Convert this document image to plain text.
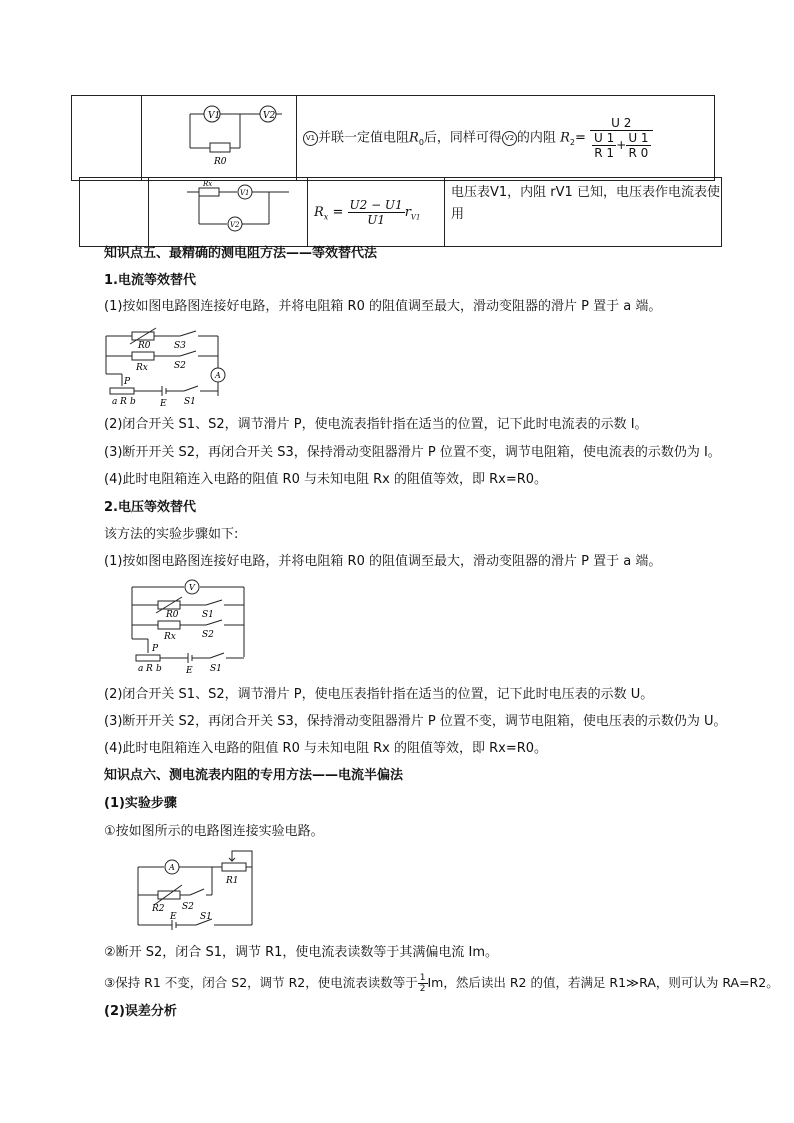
V1	V2
R0
	V1 并联一定值电阻$R_0$后，同样可得 V2 的内阻 $R_2= \frac{U 2}{\frac{U 1}{R 1} + \frac{U 1}{R 0}}$

Rx
V1
V2
	$R_x = \frac{U2 - U1}{U1} r_{V1}$	
电压表V1，内阻 rV1 已知，电压表作电流表使
用
知识点五、最精确的测电阻方法——等效替代法
1.电流等效替代
(1)按如图电路图连接好电路，并将电阻箱 R0 的阻值调至最大，滑动变阻器的滑片 P 置于 a 端。
R0	S3
Rx	S2
A
P
a R b	E S1
(2)闭合开关 S1、S2，调节滑片 P，使电流表指针指在适当的位置，记下此时电流表的示数 I。
(3)断开开关 S2，再闭合开关 S3，保持滑动变阻器滑片 P 位置不变，调节电阻箱，使电流表的示数仍为 I。
(4)此时电阻箱连入电路的阻值 R0 与未知电阻 Rx 的阻值等效，即 Rx=R0。
2.电压等效替代
该方法的实验步骤如下:
(1)按如图电路图连接好电路，并将电阻箱 R0 的阻值调至最大，滑动变阻器的滑片 P 置于 a 端。
V
R0	S1
Rx	S2
P
a R b	E S1
(2)闭合开关 S1、S2，调节滑片 P，使电压表指针指在适当的位置，记下此时电压表的示数 U。
(3)断开开关 S2，再闭合开关 S3，保持滑动变阻器滑片 P 位置不变，调节电阻箱，使电压表的示数仍为 U。
(4)此时电阻箱连入电路的阻值 R0 与未知电阻 Rx 的阻值等效，即 Rx=R0。
知识点六、测电流表内阻的专用方法——电流半偏法
(1)实验步骤
①按如图所示的电路图连接实验电路。
A
R1
R2 S2
E	S1
②断开 S2，闭合 S1，调节 R1，使电流表读数等于其满偏电流 Im。
③保持 R1 不变，闭合 S2，调节 R2，使电流表读数等于 $\frac{1}{2}$ Im，然后读出 R2 的值，若满足 R1≫RA，则可认为 RA=R2。
(2)误差分析
